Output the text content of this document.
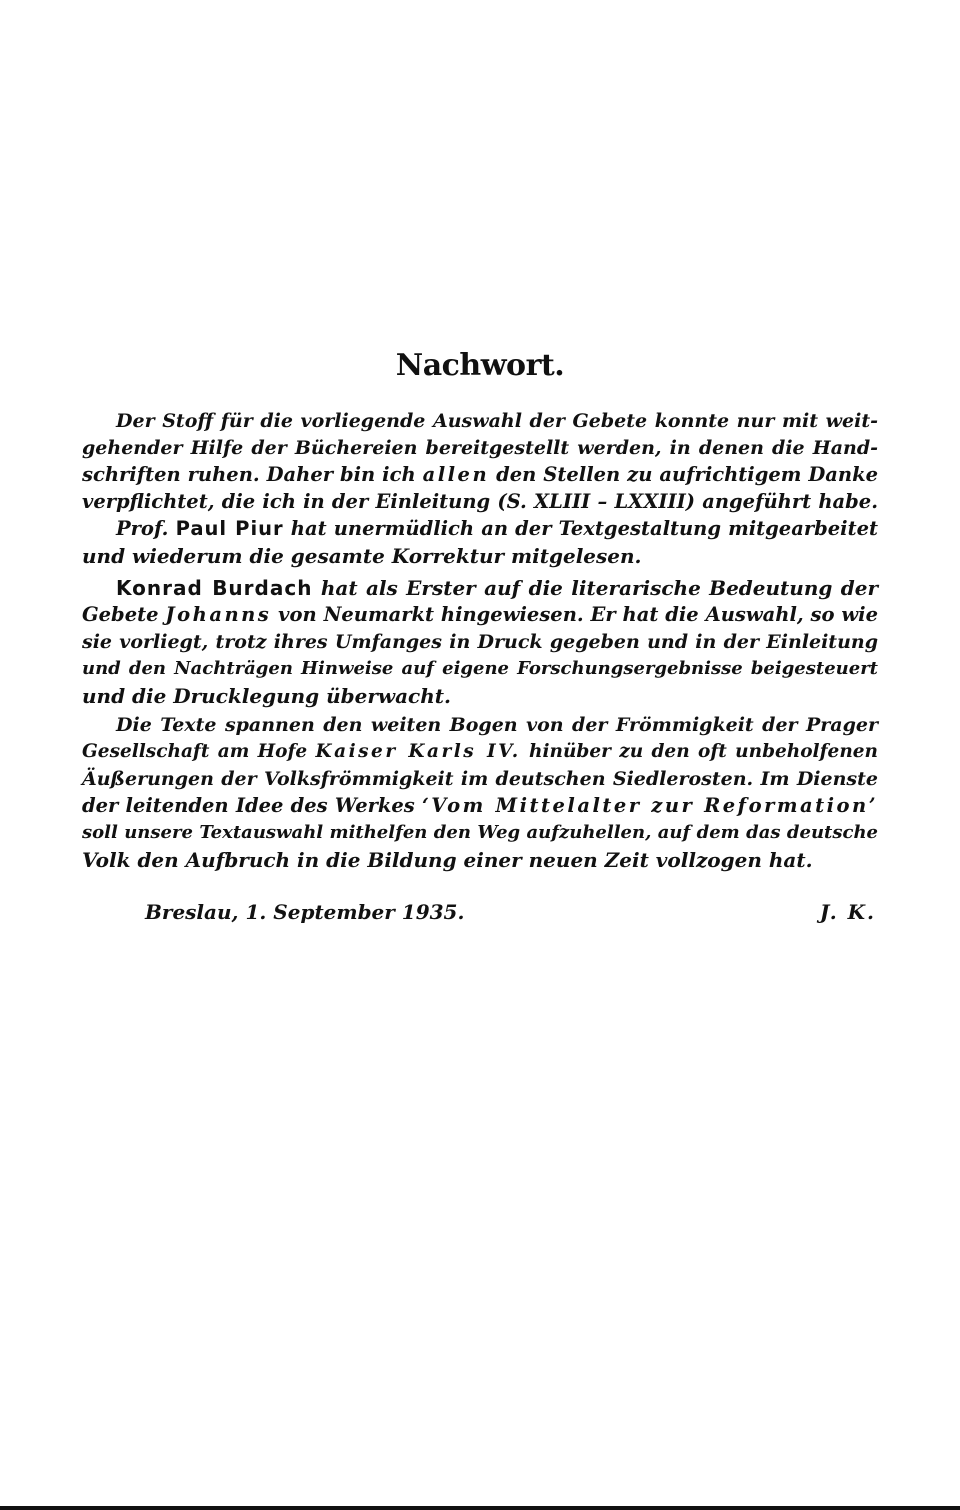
Nachwort.
Der Stoff für die vorliegende Auswahl der Gebete konnte nur mit weit-
gehender Hilfe der Büchereien bereitgestellt werden, in denen die Hand-
schriften ruhen. Daher bin ich allen den Stellen zu aufrichtigem Danke
verpflichtet, die ich in der Einleitung (S. XLIII – LXXIII) angeführt habe.
Prof. Paul Piur hat unermüdlich an der Textgestaltung mitgearbeitet
und wiederum die gesamte Korrektur mitgelesen.
Konrad Burdach hat als Erster auf die literarische Bedeutung der
Gebete Johanns von Neumarkt hingewiesen. Er hat die Auswahl, so wie
sie vorliegt, trotz ihres Umfanges in Druck gegeben und in der Einleitung
und den Nachträgen Hinweise auf eigene Forschungsergebnisse beigesteuert
und die Drucklegung überwacht.
Die Texte spannen den weiten Bogen von der Frömmigkeit der Prager
Gesellschaft am Hofe Kaiser Karls IV. hinüber zu den oft unbeholfenen
Äußerungen der Volksfrömmigkeit im deutschen Siedlerosten. Im Dienste
der leitenden Idee des Werkes ‘Vom Mittelalter zur Reformation’
soll unsere Textauswahl mithelfen den Weg aufzuhellen, auf dem das deutsche
Volk den Aufbruch in die Bildung einer neuen Zeit vollzogen hat.
Breslau, 1. September 1935.	J. K.
